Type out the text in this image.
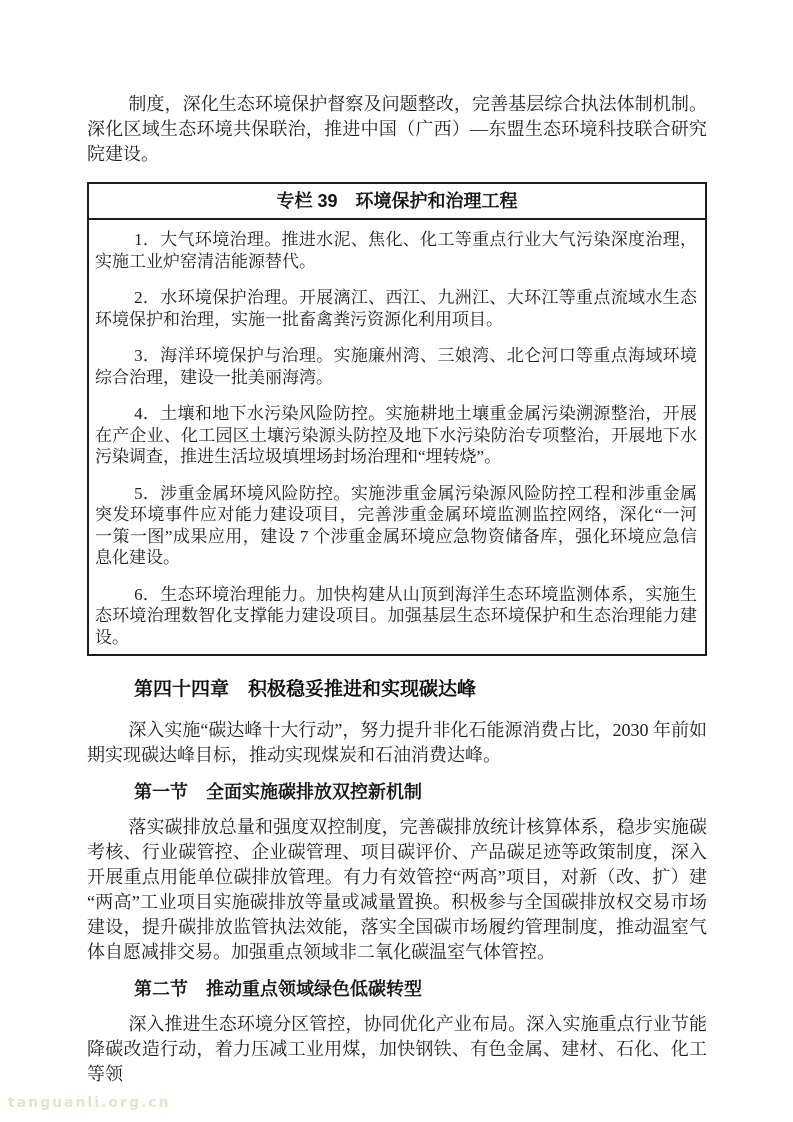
制度，深化生态环境保护督察及问题整改，完善基层综合执法体制机制。深化区域生态环境共保联治，推进中国（广西）—东盟生态环境科技联合研究院建设。

专栏 39　环境保护和治理工程

1．大气环境治理。推进水泥、焦化、化工等重点行业大气污染深度治理，实施工业炉窑清洁能源替代。

2．水环境保护治理。开展漓江、西江、九洲江、大环江等重点流域水生态环境保护和治理，实施一批畜禽粪污资源化利用项目。

3．海洋环境保护与治理。实施廉州湾、三娘湾、北仑河口等重点海域环境综合治理，建设一批美丽海湾。

4．土壤和地下水污染风险防控。实施耕地土壤重金属污染溯源整治，开展在产企业、化工园区土壤污染源头防控及地下水污染防治专项整治，开展地下水污染调查，推进生活垃圾填埋场封场治理和“埋转烧”。

5．涉重金属环境风险防控。实施涉重金属污染源风险防控工程和涉重金属突发环境事件应对能力建设项目，完善涉重金属环境监测监控网络，深化“一河一策一图”成果应用，建设 7 个涉重金属环境应急物资储备库，强化环境应急信息化建设。

6．生态环境治理能力。加快构建从山顶到海洋生态环境监测体系，实施生态环境治理数智化支撑能力建设项目。加强基层生态环境保护和生态治理能力建设。

第四十四章　积极稳妥推进和实现碳达峰

深入实施“碳达峰十大行动”，努力提升非化石能源消费占比，2030 年前如期实现碳达峰目标，推动实现煤炭和石油消费达峰。

第一节　全面实施碳排放双控新机制

落实碳排放总量和强度双控制度，完善碳排放统计核算体系，稳步实施碳考核、行业碳管控、企业碳管理、项目碳评价、产品碳足迹等政策制度，深入开展重点用能单位碳排放管理。有力有效管控“两高”项目，对新（改、扩）建“两高”工业项目实施碳排放等量或减量置换。积极参与全国碳排放权交易市场建设，提升碳排放监管执法效能，落实全国碳市场履约管理制度，推动温室气体自愿减排交易。加强重点领域非二氧化碳温室气体管控。

第二节　推动重点领域绿色低碳转型

深入推进生态环境分区管控，协同优化产业布局。深入实施重点行业节能降碳改造行动，着力压减工业用煤，加快钢铁、有色金属、建材、石化、化工等领

tanguanli.org.cn
